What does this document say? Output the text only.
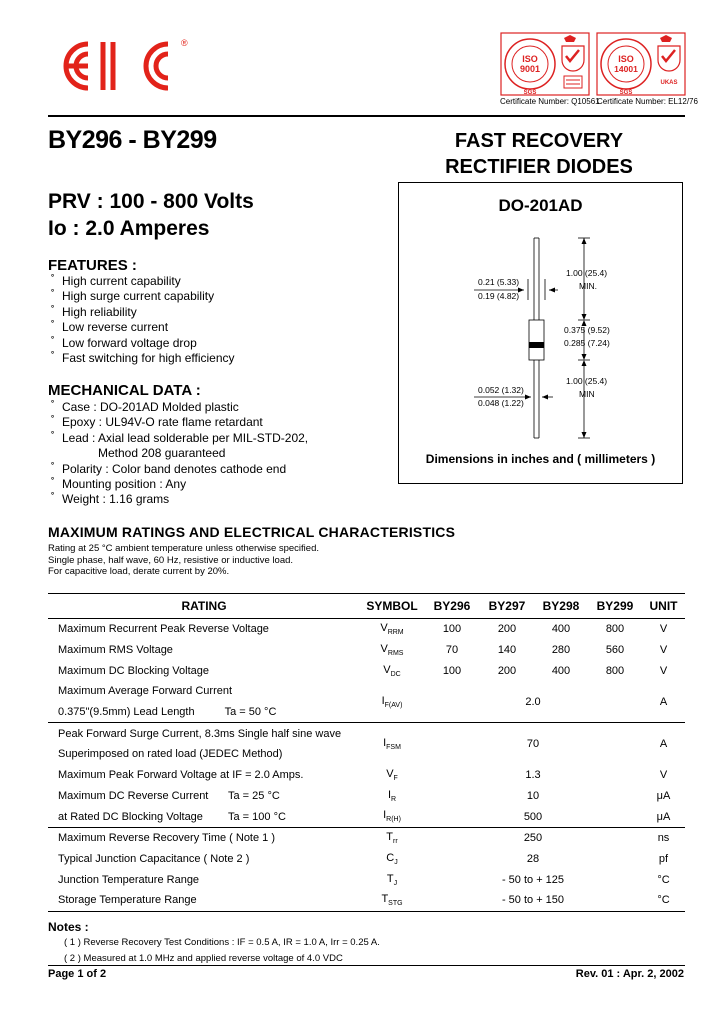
®
ISO
9001
SGS
ISO
14001
SGS
UKAS
Certificate Number: Q10561
Certificate Number: EL12/76
BY296 - BY299	FAST RECOVERY
RECTIFIER DIODES
PRV : 100 - 800 Volts
Io : 2.0 Amperes
FEATURES :
˚ High current capability
˚ High surge current capability
˚ High reliability
˚ Low reverse current
˚ Low forward voltage drop
˚ Fast switching for high efficiency
MECHANICAL DATA :
˚ Case : DO-201AD Molded plastic
˚ Epoxy : UL94V-O rate flame retardant
˚ Lead : Axial lead solderable per MIL-STD-202,
Method 208 guaranteed
˚ Polarity : Color band denotes cathode end
˚ Mounting position : Any
˚ Weight : 1.16 grams
DO-201AD
1.00 (25.4)
MIN.
0.21 (5.33)
0.19 (4.82)
0.375 (9.52)
0.285 (7.24)
0.052 (1.32)
0.048 (1.22)
1.00 (25.4)
MIN
Dimensions in inches and ( millimeters )
MAXIMUM RATINGS AND ELECTRICAL CHARACTERISTICS
Rating at 25 °C ambient temperature unless otherwise specified.
Single phase, half wave, 60 Hz, resistive or inductive load.
For capacitive load, derate current by 20%.
RATING	SYMBOL	BY296	BY297	BY298	BY299	UNIT
Maximum Recurrent Peak Reverse Voltage	$V_{RRM}$	100	200	400	800	V
Maximum RMS Voltage	$V_{RMS}$	70	140	280	560	V
Maximum DC Blocking Voltage	$V_{DC}$	100	200	400	800	V
Maximum Average Forward Current	$I_{F(AV)}$	2.0				A
0.375"(9.5mm) Lead Length Ta = 50 °C						
Peak Forward Surge Current, 8.3ms Single half sine wave	$I_{FSM}$	70				A
Superimposed on rated load (JEDEC Method)						
Maximum Peak Forward Voltage at IF = 2.0 Amps.	$V_F$	1.3				V
Maximum DC Reverse Current Ta = 25 °C	$I_R$	10				μA
at Rated DC Blocking Voltage Ta = 100 °C	$I_{R(H)}$	500				μA
Maximum Reverse Recovery Time ( Note 1 )	$T_{rr}$	250				ns
Typical Junction Capacitance ( Note 2 )	$C_J$	28				pf
Junction Temperature Range	$T_J$	- 50 to + 125				°C
Storage Temperature Range	$T_{STG}$	- 50 to + 150				°C
Notes :
( 1 ) Reverse Recovery Test Conditions : IF = 0.5 A, IR = 1.0 A, Irr = 0.25 A.
( 2 ) Measured at 1.0 MHz and applied reverse voltage of 4.0 VDC
Page 1 of 2	Rev. 01 : Apr. 2, 2002
